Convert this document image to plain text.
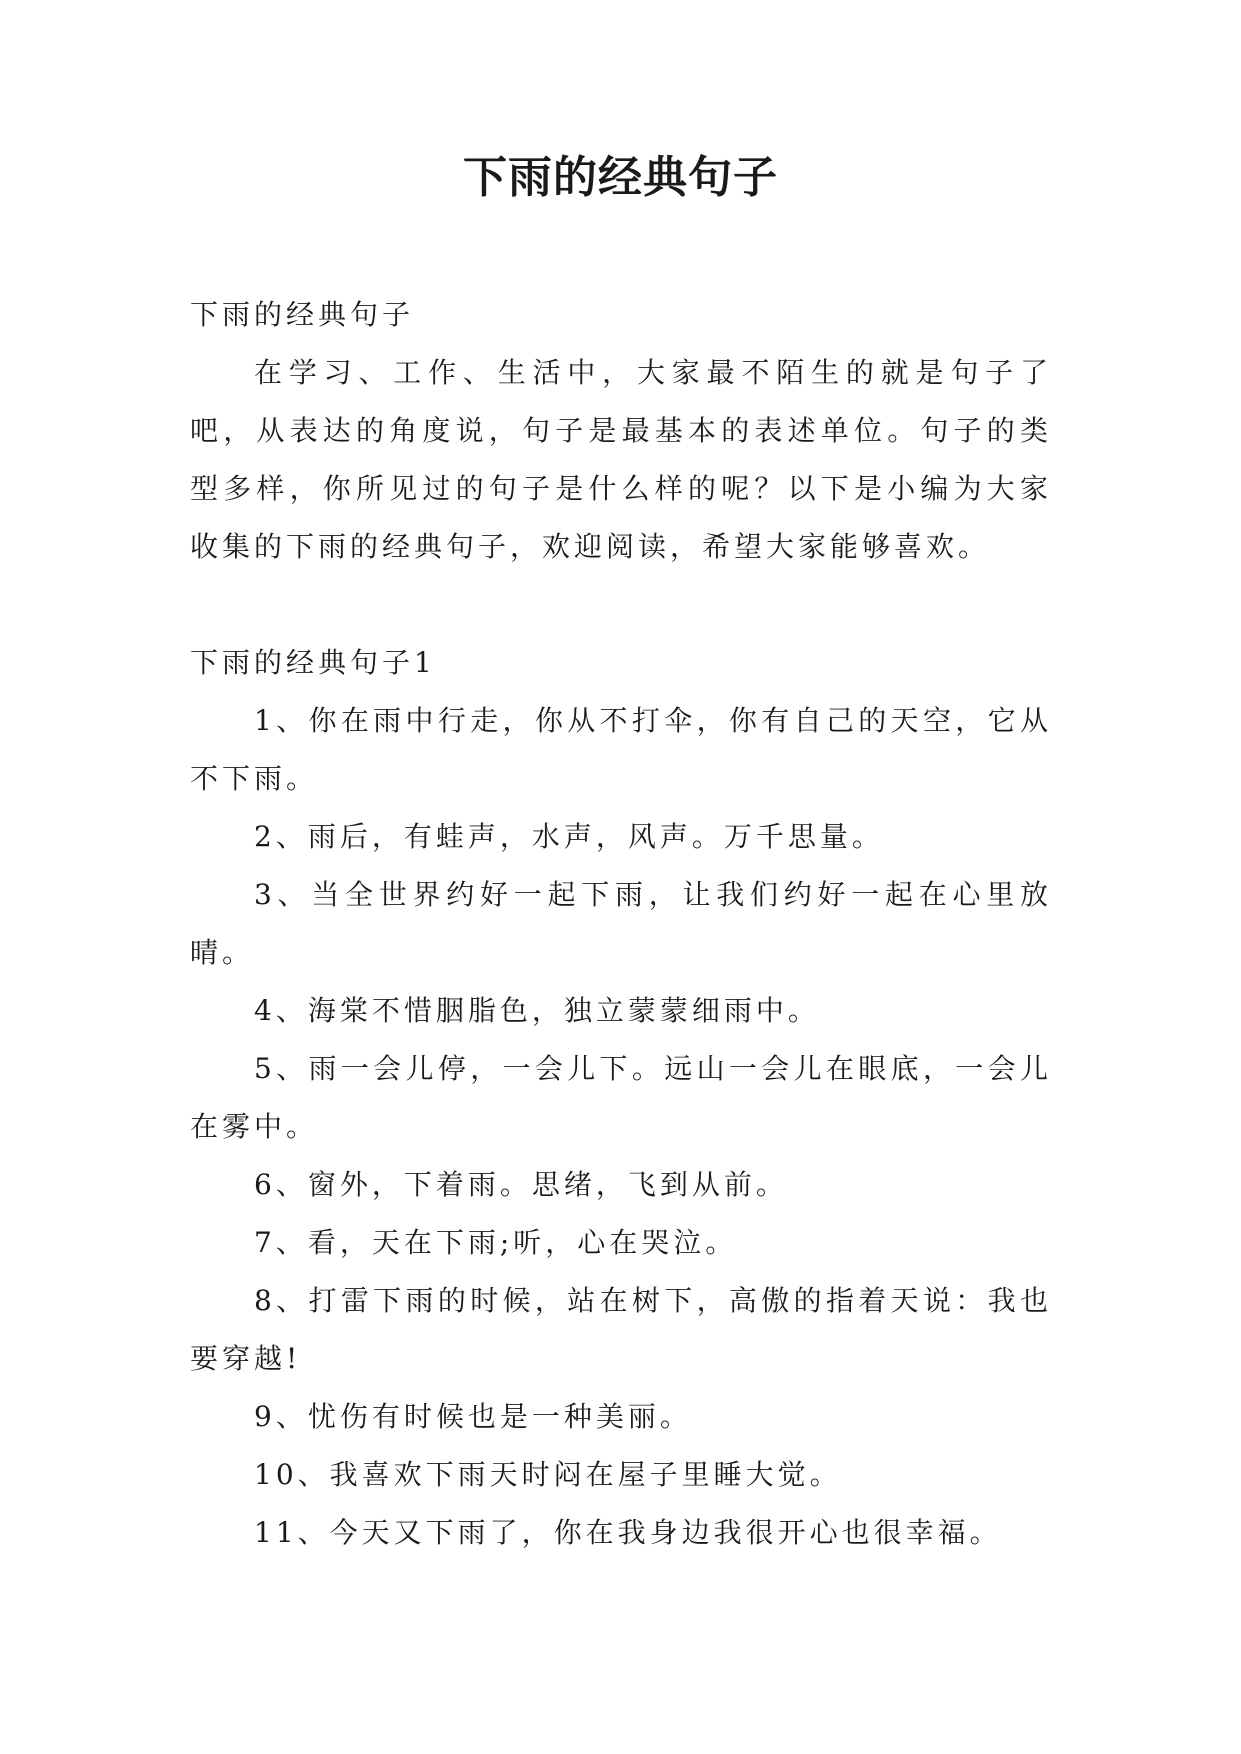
下雨的经典句子

下雨的经典句子

在学习、工作、生活中，大家最不陌生的就是句子了吧，从表达的角度说，句子是最基本的表述单位。句子的类型多样，你所见过的句子是什么样的呢？以下是小编为大家收集的下雨的经典句子，欢迎阅读，希望大家能够喜欢。

下雨的经典句子1

1、你在雨中行走，你从不打伞，你有自己的天空，它从不下雨。

2、雨后，有蛙声，水声，风声。万千思量。

3、当全世界约好一起下雨，让我们约好一起在心里放晴。

4、海棠不惜胭脂色，独立蒙蒙细雨中。

5、雨一会儿停，一会儿下。远山一会儿在眼底，一会儿在雾中。

6、窗外，下着雨。思绪，飞到从前。

7、看，天在下雨;听，心在哭泣。

8、打雷下雨的时候，站在树下，高傲的指着天说：我也要穿越!

9、忧伤有时候也是一种美丽。

10、我喜欢下雨天时闷在屋子里睡大觉。

11、今天又下雨了，你在我身边我很开心也很幸福。
